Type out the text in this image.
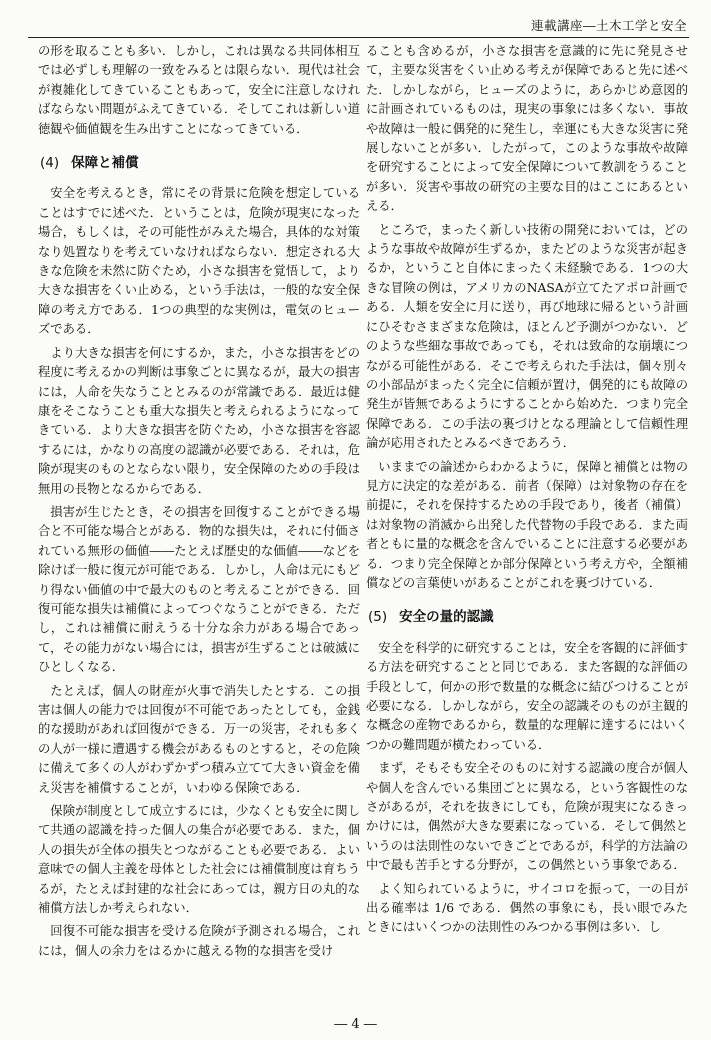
連載講座―土木工学と安全

の形を取ることも多い．しかし，これは異なる共同体相互では必ずしも理解の一致をみるとは限らない．現代は社会が複雑化してきていることもあって，安全に注意しなければならない問題がふえてきている．そしてこれは新しい道徳観や価値観を生み出すことになってきている．

(4) 保障と補償

安全を考えるとき，常にその背景に危険を想定していることはすでに述べた．ということは，危険が現実になった場合，もしくは，その可能性がみえた場合，具体的な対策なり処置なりを考えていなければならない．想定される大きな危険を未然に防ぐため，小さな損害を覚悟して，より大きな損害をくい止める，という手法は，一般的な安全保障の考え方である．1つの典型的な実例は，電気のヒューズである．

より大きな損害を何にするか，また，小さな損害をどの程度に考えるかの判断は事象ごとに異なるが，最大の損害には，人命を失なうこととみるのが常識である．最近は健康をそこなうことも重大な損失と考えられるようになってきている．より大きな損害を防ぐため，小さな損害を容認するには，かなりの高度の認識が必要である．それは，危険が現実のものとならない限り，安全保障のための手段は無用の長物となるからである．

損害が生じたとき，その損害を回復することができる場合と不可能な場合とがある．物的な損失は，それに付価されている無形の価値――たとえば歴史的な価値――などを除けば一般に復元が可能である．しかし，人命は元にもどり得ない価値の中で最大のものと考えることができる．回復可能な損失は補償によってつぐなうことができる．ただし，これは補償に耐えうる十分な余力がある場合であって，その能力がない場合には，損害が生ずることは破滅にひとしくなる．

たとえば，個人の財産が火事で消失したとする．この損害は個人の能力では回復が不可能であったとしても，金銭的な援助があれば回復ができる．万一の災害，それも多くの人が一様に遭遇する機会があるものとすると，その危険に備えて多くの人がわずかずつ積み立てて大きい資金を備え災害を補償することが，いわゆる保険である．

保険が制度として成立するには，少なくとも安全に関して共通の認識を持った個人の集合が必要である．また，個人の損失が全体の損失とつながることも必要である．よい意味での個人主義を母体とした社会には補償制度は育ちうるが，たとえば封建的な社会にあっては，親方日の丸的な補償方法しか考えられない．

回復不可能な損害を受ける危険が予測される場合，これには，個人の余力をはるかに越える物的な損害を受け

ることも含めるが，小さな損害を意識的に先に発見させて，主要な災害をくい止める考えが保障であると先に述べた．しかしながら，ヒューズのように，あらかじめ意図的に計画されているものは，現実の事象には多くない．事故や故障は一般に偶発的に発生し，幸運にも大きな災害に発展しないことが多い．したがって，このような事故や故障を研究することによって安全保障について教訓をうることが多い．災害や事故の研究の主要な目的はここにあるといえる．

ところで，まったく新しい技術の開発においては，どのような事故や故障が生ずるか，またどのような災害が起きるか，ということ自体にまったく未経験である．1つの大きな冒険の例は，アメリカのNASAが立てたアポロ計画である．人類を安全に月に送り，再び地球に帰るという計画にひそむさまざまな危険は，ほとんど予測がつかない．どのような些細な事故であっても，それは致命的な崩壊につながる可能性がある．そこで考えられた手法は，個々別々の小部品がまったく完全に信頼が置け，偶発的にも故障の発生が皆無であるようにすることから始めた．つまり完全保障である．この手法の裏づけとなる理論として信頼性理論が応用されたとみるべきであろう．

いままでの論述からわかるように，保障と補償とは物の見方に決定的な差がある．前者（保障）は対象物の存在を前提に，それを保持するための手段であり，後者（補償）は対象物の消滅から出発した代替物の手段である．また両者ともに量的な概念を含んでいることに注意する必要がある．つまり完全保障とか部分保障という考え方や，全額補償などの言葉使いがあることがこれを裏づけている．

(5) 安全の量的認識

安全を科学的に研究することは，安全を客観的に評価する方法を研究することと同じである．また客観的な評価の手段として，何かの形で数量的な概念に結びつけることが必要になる．しかしながら，安全の認識そのものが主観的な概念の産物であるから，数量的な理解に達するにはいくつかの難問題が横たわっている．

まず，そもそも安全そのものに対する認識の度合が個人や個人を含んでいる集団ごとに異なる，という客観性のなさがあるが，それを抜きにしても，危険が現実になるきっかけには，偶然が大きな要素になっている．そして偶然というのは法則性のないできごとであるが，科学的方法論の中で最も苦手とする分野が，この偶然という事象である．

よく知られているように，サイコロを振って，一の目が出る確率は 1/6 である．偶然の事象にも，長い眼でみたときにはいくつかの法則性のみつかる事例は多い．し

― 4 ―
